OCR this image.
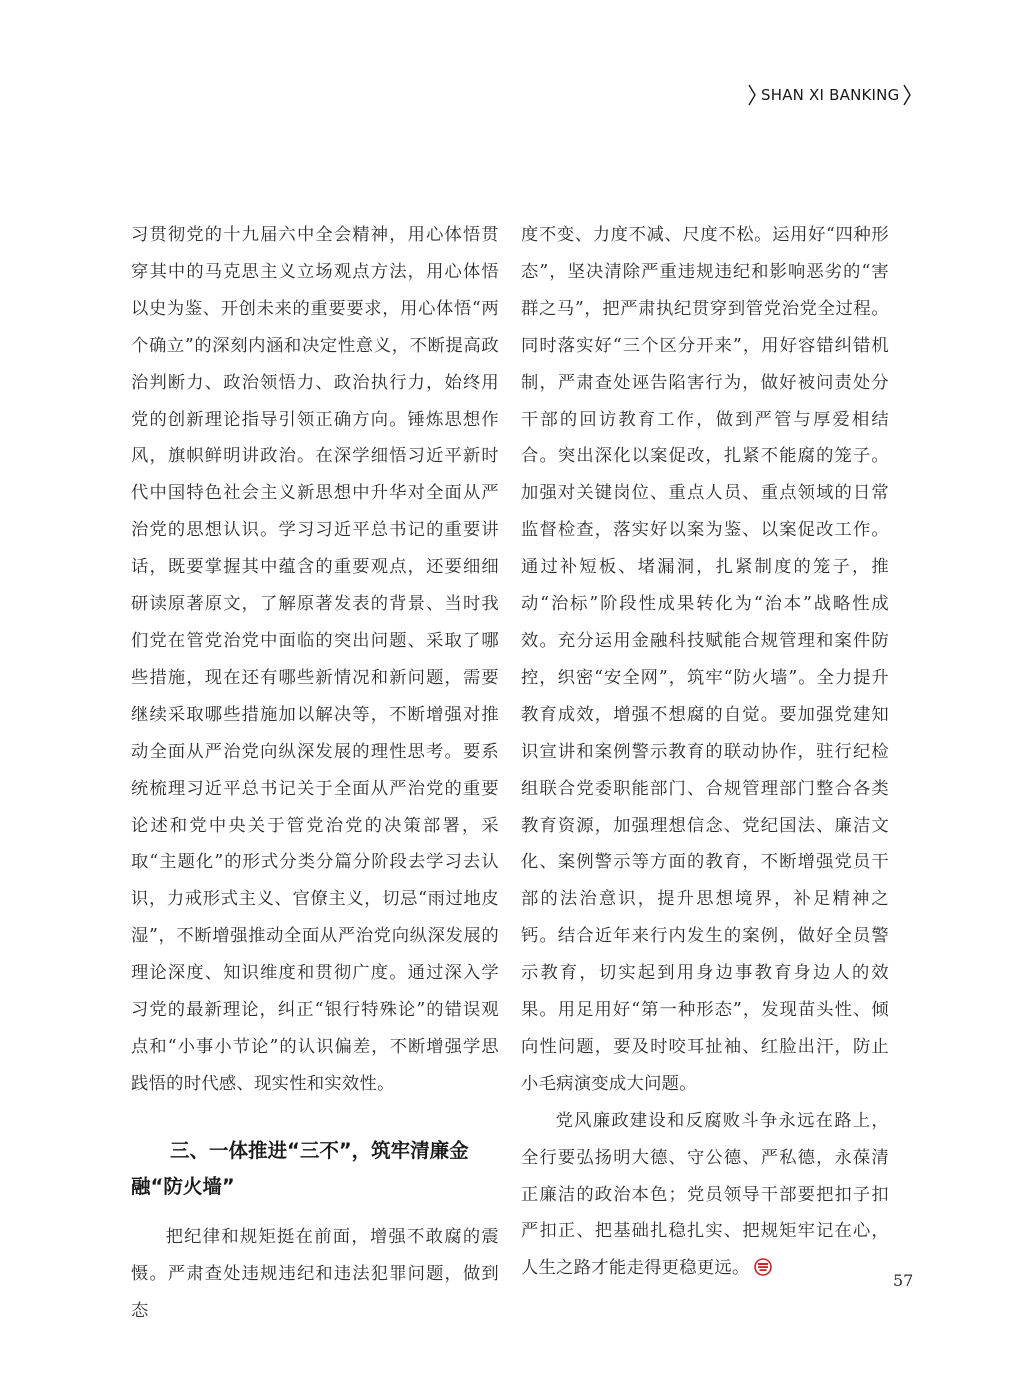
SHAN XI BANKING

习贯彻党的十九届六中全会精神，用心体悟贯穿其中的马克思主义立场观点方法，用心体悟以史为鉴、开创未来的重要要求，用心体悟“两个确立”的深刻内涵和决定性意义，不断提高政治判断力、政治领悟力、政治执行力，始终用党的创新理论指导引领正确方向。锤炼思想作风，旗帜鲜明讲政治。在深学细悟习近平新时代中国特色社会主义新思想中升华对全面从严治党的思想认识。学习习近平总书记的重要讲话，既要掌握其中蕴含的重要观点，还要细细研读原著原文，了解原著发表的背景、当时我们党在管党治党中面临的突出问题、采取了哪些措施，现在还有哪些新情况和新问题，需要继续采取哪些措施加以解决等，不断增强对推动全面从严治党向纵深发展的理性思考。要系统梳理习近平总书记关于全面从严治党的重要论述和党中央关于管党治党的决策部署，采取“主题化”的形式分类分篇分阶段去学习去认识，力戒形式主义、官僚主义，切忌“雨过地皮湿”，不断增强推动全面从严治党向纵深发展的理论深度、知识维度和贯彻广度。通过深入学习党的最新理论，纠正“银行特殊论”的错误观点和“小事小节论”的认识偏差，不断增强学思践悟的时代感、现实性和实效性。

三、一体推进“三不”，筑牢清廉金融“防火墙”

把纪律和规矩挺在前面，增强不敢腐的震慑。严肃查处违规违纪和违法犯罪问题，做到态

度不变、力度不减、尺度不松。运用好“四种形态”，坚决清除严重违规违纪和影响恶劣的“害群之马”，把严肃执纪贯穿到管党治党全过程。同时落实好“三个区分开来”，用好容错纠错机制，严肃查处诬告陷害行为，做好被问责处分干部的回访教育工作，做到严管与厚爱相结合。突出深化以案促改，扎紧不能腐的笼子。加强对关键岗位、重点人员、重点领域的日常监督检查，落实好以案为鉴、以案促改工作。通过补短板、堵漏洞，扎紧制度的笼子，推动“治标”阶段性成果转化为“治本”战略性成效。充分运用金融科技赋能合规管理和案件防控，织密“安全网”，筑牢“防火墙”。全力提升教育成效，增强不想腐的自觉。要加强党建知识宣讲和案例警示教育的联动协作，驻行纪检组联合党委职能部门、合规管理部门整合各类教育资源，加强理想信念、党纪国法、廉洁文化、案例警示等方面的教育，不断增强党员干部的法治意识，提升思想境界，补足精神之钙。结合近年来行内发生的案例，做好全员警示教育，切实起到用身边事教育身边人的效果。用足用好“第一种形态”，发现苗头性、倾向性问题，要及时咬耳扯袖、红脸出汗，防止小毛病演变成大问题。

党风廉政建设和反腐败斗争永远在路上，全行要弘扬明大德、守公德、严私德，永葆清正廉洁的政治本色；党员领导干部要把扣子扣严扣正、把基础扎稳扎实、把规矩牢记在心，人生之路才能走得更稳更远。

57
